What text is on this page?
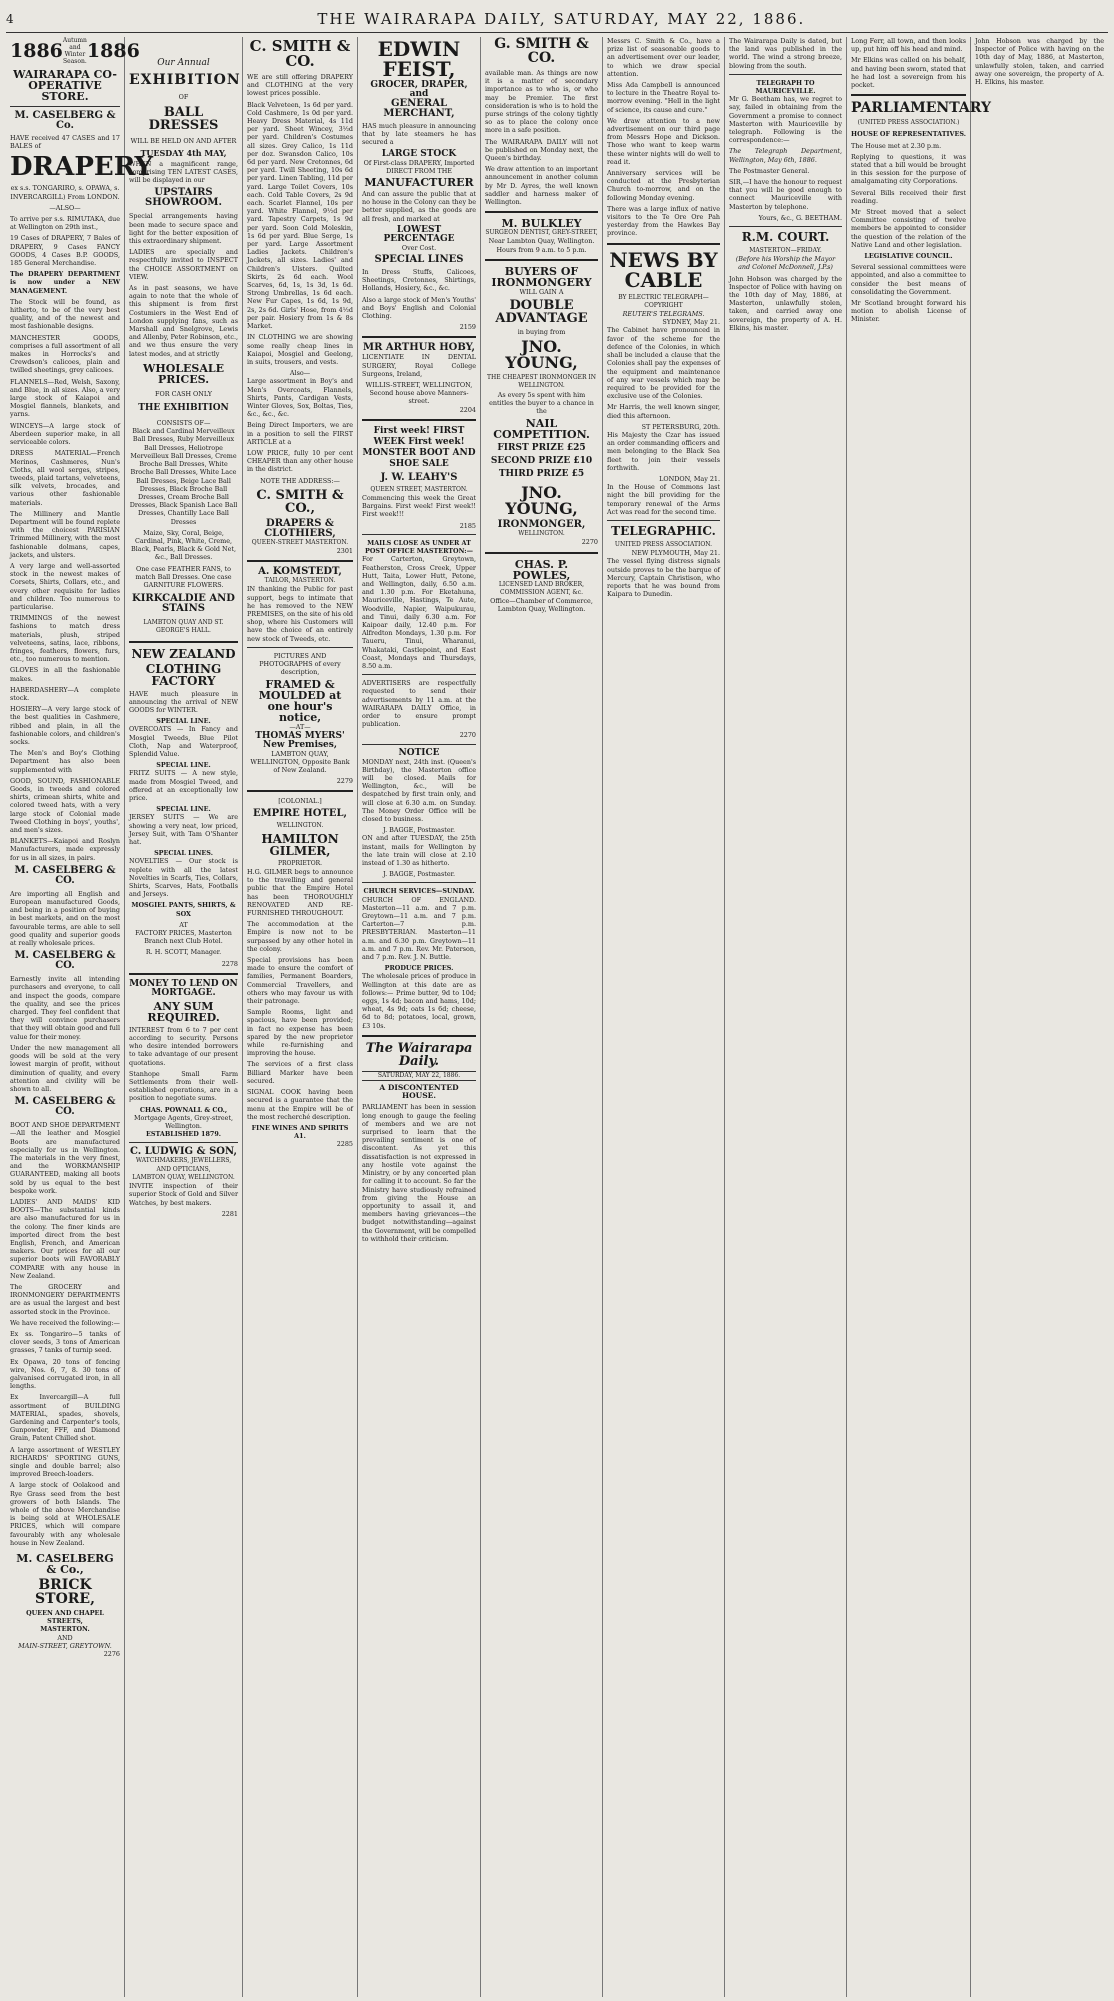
4	THE WAIRARAPA DAILY, SATURDAY, MAY 22, 1886.
1886 Autumn and Winter Season. 1886
WAIRARAPA CO-OPERATIVE STORE.
M. CASELBERG & Co.

HAVE received 47 CASES and 17 BALES of

DRAPERY

ex s.s. TONGARIRO, s. OPAWA, s. INVERCARGILL) From LONDON.

—ALSO—

To arrive per s.s. RIMUTAKA, due at Wellington on 29th inst.,

19 Cases of DRAPERY, 7 Bales of DRAPERY, 9 Cases FANCY GOODS, 4 Cases B.P. GOODS, 185 General Merchandise.

The DRAPERY DEPARTMENT is now under a NEW MANAGEMENT.

The Stock will be found, as hitherto, to be of the very best quality, and of the newest and most fashionable designs.

MANCHESTER GOODS, comprises a full assortment of all makes in Horrocks's and Crewdson's calicoes, plain and twilled sheetings, grey calicoes.

FLANNELS—Red, Welsh, Saxony, and Blue, in all sizes. Also, a very large stock of Kaiapoi and Mosgiel flannels, blankets, and yarns.

WINCEYS—A large stock of Aberdeen superior make, in all serviceable colors.

DRESS MATERIAL—French Merinos, Cashmeres, Nun's Cloths, all wool serges, stripes, tweeds, plaid tartans, velveteens, silk velvets, brocades, and various other fashionable materials.

The Millinery and Mantle Department will be found replete with the choicest PARISIAN Trimmed Millinery, with the most fashionable dolmans, capes, jackets, and ulsters.

A very large and well-assorted stock in the newest makes of Corsets, Shirts, Collars, etc., and every other requisite for ladies and children. Too numerous to particularise.

TRIMMINGS of the newest fashions to match dress materials, plush, striped velveteens, satins, lace, ribbons, fringes, feathers, flowers, furs, etc., too numerous to mention.

GLOVES in all the fashionable makes.

HABERDASHERY—A complete stock.

HOSIERY—A very large stock of the best qualities in Cashmere, ribbed and plain, in all the fashionable colors, and children's socks.

The Men's and Boy's Clothing Department has also been supplemented with

GOOD, SOUND, FASHIONABLE Goods, in tweeds and colored shirts, crimean shirts, white and colored tweed hats, with a very large stock of Colonial made Tweed Clothing in boys', youths', and men's sizes.

BLANKETS—Kaiapoi and Roslyn Manufacturers, made expressly for us in all sizes, in pairs.

M. CASELBERG & CO.

Are importing all English and European manufactured Goods, and being in a position of buying in best markets, and on the most favourable terms, are able to sell good quality and superior goods at really wholesale prices.

M. CASELBERG & CO.

Earnestly invite all intending purchasers and everyone, to call and inspect the goods, compare the quality, and see the prices charged. They feel confident that they will convince purchasers that they will obtain good and full value for their money.

Under the new management all goods will be sold at the very lowest margin of profit, without diminution of quality, and every attention and civility will be shown to all.

M. CASELBERG & CO.

BOOT AND SHOE DEPARTMENT—All the leather and Mosgiel Boots are manufactured especially for us in Wellington. The materials in the very finest, and the WORKMANSHIP GUARANTEED, making all boots sold by us equal to the best bespoke work.

LADIES' AND MAIDS' KID BOOTS—The substantial kinds are also manufactured for us in the colony. The finer kinds are imported direct from the best English, French, and American makers. Our prices for all our superior boots will FAVORABLY COMPARE with any house in New Zealand.

The GROCERY and IRONMONGERY DEPARTMENTS are as usual the largest and best assorted stock in the Province.

We have received the following:—

Ex ss. Tongariro—5 tanks of clover seeds, 3 tons of American grasses, 7 tanks of turnip seed.

Ex Opawa, 20 tons of fencing wire, Nos. 6, 7, 8. 30 tons of galvanised corrugated iron, in all lengths.

Ex Invercargill—A full assortment of BUILDING MATERIAL, spades, shovels, Gardening and Carpenter's tools, Gunpowder, FFF, and Diamond Grain, Patent Chilled shot.

A large assortment of WESTLEY RICHARDS' SPORTING GUNS, single and double barrel; also improved Breech-loaders.

A large stock of Oolakood and Rye Grass seed from the best growers of both Islands. The whole of the above Merchandise is being sold at WHOLESALE PRICES, which will compare favourably with any wholesale house in New Zealand.

M. CASELBERG & Co.,
BRICK STORE,
QUEEN AND CHAPEL STREETS,
MASTERTON.
AND
MAIN-STREET, GREYTOWN.
2276
Our Annual
EXHIBITION
OF
BALL DRESSES
WILL BE HELD ON AND AFTER
TUESDAY 4th MAY,

WHEN a magnificent range, comprising TEN LATEST CASES, will be displayed in our

UPSTAIRS SHOWROOM.

Special arrangements having been made to secure space and light for the better exposition of this extraordinary shipment.

LADIES are specially and respectfully invited to INSPECT the CHOICE ASSORTMENT on VIEW.

As in past seasons, we have again to note that the whole of this shipment is from first Costumiers in the West End of London supplying fans, such as Marshall and Snelgrove, Lewis and Allenby, Peter Robinson, etc., and we thus ensure the very latest modes, and at strictly

WHOLESALE PRICES.
FOR CASH ONLY
THE EXHIBITION
CONSISTS OF—

Black and Cardinal Merveilleux Ball Dresses, Ruby Merveilleux Ball Dresses, Heliotrope Merveilleux Ball Dresses, Creme Broche Ball Dresses, White Broche Ball Dresses, White Lace Ball Dresses, Beige Lace Ball Dresses, Black Broche Ball Dresses, Cream Broche Ball Dresses, Black Spanish Lace Ball Dresses, Chantilly Lace Ball Dresses

Maize, Sky, Coral, Beige, Cardinal, Pink, White, Creme, Black, Pearls, Black & Gold Net, &c., Ball Dresses.

One case FEATHER FANS, to match Ball Dresses. One case GARNITURE FLOWERS.

KIRKCALDIE AND STAINS
LAMBTON QUAY AND ST. GEORGE'S HALL.
NEW ZEALAND
CLOTHING FACTORY

HAVE much pleasure in announcing the arrival of NEW GOODS for WINTER.

SPECIAL LINE.

OVERCOATS — In Fancy and Mosgiel Tweeds, Blue Pilot Cloth, Nap and Waterproof, Splendid Value.

SPECIAL LINE.

FRITZ SUITS — A new style, made from Mosgiel Tweed, and offered at an exceptionally low price.

SPECIAL LINE.

JERSEY SUITS — We are showing a very neat, low priced, Jersey Suit, with Tam O'Shanter hat.

SPECIAL LINES.

NOVELTIES — Our stock is replete with all the latest Novelties in Scarfs, Ties, Collars, Shirts, Scarves, Hats, Footballs and Jerseys.

MOSGIEL PANTS, SHIRTS, & SOX
AT

FACTORY PRICES, Masterton Branch next Club Hotel.

R. H. SCOTT, Manager.

2278
MONEY TO LEND ON MORTGAGE.
ANY SUM REQUIRED.

INTEREST from 6 to 7 per cent according to security. Persons who desire intended borrowers to take advantage of our present quotations.

Stanhope Small Farm Settlements from their well-established operations, are in a position to negotiate sums.

CHAS. POWNALL & CO.,
Mortgage Agents, Grey-street, Wellington.
ESTABLISHED 1879.
C. LUDWIG & SON,
WATCHMAKERS, JEWELLERS, AND OPTICIANS,
LAMBTON QUAY, WELLINGTON.

INVITE inspection of their superior Stock of Gold and Silver Watches, by best makers.

2281
C. SMITH & CO.

WE are still offering DRAPERY and CLOTHING at the very lowest prices possible.

Black Velveteen, 1s 6d per yard. Cold Cashmere, 1s 0d per yard. Heavy Dress Material, 4s 11d per yard. Sheet Wincey, 3½d per yard. Children's Costumes all sizes. Grey Calico, 1s 11d per doz. Swansdon Calico, 10s 6d per yard. New Cretonnes, 6d per yard. Twill Sheeting, 10s 6d per yard. Linen Tabling, 11d per yard. Large Toilet Covers, 10s each. Cold Table Covers, 2s 9d each. Scarlet Flannel, 10s per yard. White Flannel, 9½d per yard. Tapestry Carpets, 1s 9d per yard. Soon Cold Moleskin, 1s 6d per yard. Blue Serge, 1s per yard. Large Assortment Ladies Jackets. Children's Jackets, all sizes. Ladies' and Children's Ulsters. Quilted Skirts, 2s 6d each. Wool Scarves, 6d, 1s, 1s 3d, 1s 6d. Strong Umbrellas, 1s 6d each. New Fur Capes, 1s 6d, 1s 9d, 2s, 2s 6d. Girls' Hose, from 4½d per pair. Hosiery from 1s & 8s Market.

IN CLOTHING we are showing some really cheap lines in Kaiapoi, Mosgiel and Geelong, in suits, trousers, and vests.

Also—

Large assortment in Boy's and Men's Overcoats, Flannels, Shirts, Pants, Cardigan Vests, Winter Gloves, Sox, Boltas, Ties, &c., &c., &c.

Being Direct Importers, we are in a position to sell the FIRST ARTICLE at a

LOW PRICE, fully 10 per cent CHEAPER than any other house in the district.

NOTE THE ADDRESS:—
C. SMITH & CO.,
DRAPERS & CLOTHIERS,
QUEEN-STREET MASTERTON.
2301
A. KOMSTEDT,
TAILOR, MASTERTON.

IN thanking the Public for past support, begs to intimate that he has removed to the NEW PREMISES, on the site of his old shop, where his Customers will have the choice of an entirely new stock of Tweeds, etc.

PICTURES AND PHOTOGRAPHS of every description,

FRAMED & MOULDED at one hour's notice,
—AT—
THOMAS MYERS' New Premises,

LAMBTON QUAY, WELLINGTON, Opposite Bank of New Zealand.

2279
[COLONIAL.]
EMPIRE HOTEL,
WELLINGTON.
HAMILTON GILMER,
PROPRIETOR.

H.G. GILMER begs to announce to the travelling and general public that the Empire Hotel has been THOROUGHLY RENOVATED AND RE-FURNISHED THROUGHOUT.

The accommodation at the Empire is now not to be surpassed by any other hotel in the colony.

Special provisions has been made to ensure the comfort of families, Permanent Boarders, Commercial Travellers, and others who may favour us with their patronage.

Sample Rooms, light and spacious, have been provided; in fact no expense has been spared by the new proprietor while re-furnishing and improving the house.

The services of a first class Billiard Marker have been secured.

SIGNAL COOK having been secured is a guarantee that the menu at the Empire will be of the most recherché description.

FINE WINES AND SPIRITS A1.
2285
EDWIN FEIST,
GROCER, DRAPER, and
GENERAL MERCHANT,

HAS much pleasure in announcing that by late steamers he has secured a

LARGE STOCK
Of First-class DRAPERY, Imported
DIRECT FROM THE
MANUFACTURER

And can assure the public that at no house in the Colony can they be better supplied, as the goods are all fresh, and marked at

LOWEST PERCENTAGE
Over Cost.
SPECIAL LINES

In Dress Stuffs, Calicoes, Sheetings, Cretonnes, Shirtings, Hollands, Hosiery, &c., &c.

Also a large stock of Men's Youths' and Boys' English and Colonial Clothing.

2159
MR ARTHUR HOBY,

LICENTIATE IN DENTAL SURGERY, Royal College Surgeons, Ireland,

WILLIS-STREET, WELLINGTON,
Second house above Manners-street.
2204
First week! FIRST WEEK First week! MONSTER BOOT AND SHOE SALE
J. W. LEAHY'S
QUEEN STREET, MASTERTON.

Commencing this week the Great Bargains. First week! First week!! First week!!!

2185
MAILS CLOSE AS UNDER AT POST OFFICE MASTERTON:—

For Carterton, Greytown, Featherston, Cross Creek, Upper Hutt, Taita, Lower Hutt, Petone, and Wellington, daily, 6.50 a.m. and 1.30 p.m. For Eketahuna, Mauriceville, Hastings, Te Aute, Woodville, Napier, Waipukurau, and Tinui, daily 6.30 a.m. For Kaipoar daily, 12.40 p.m. For Alfredton Mondays, 1.30 p.m. For Taueru, Tinui, Wharanui, Whakataki, Castlepoint, and East Coast, Mondays and Thursdays, 8.50 a.m.

ADVERTISERS are respectfully requested to send their advertisements by 11 a.m. at the WAIRARAPA DAILY Office, in order to ensure prompt publication.

2270
NOTICE

MONDAY next, 24th inst. (Queen's Birthday), the Masterton office will be closed. Mails for Wellington, &c., will be despatched by first train only, and will close at 6.30 a.m. on Sunday. The Money Order Office will be closed to business.

J. BAGGE, Postmaster.

ON and after TUESDAY, the 25th instant, mails for Wellington by the late train will close at 2.10 instead of 1.30 as hitherto.

J. BAGGE, Postmaster.
CHURCH SERVICES—SUNDAY.

CHURCH OF ENGLAND. Masterton—11 a.m. and 7 p.m. Greytown—11 a.m. and 7 p.m. Carterton—7 p.m. PRESBYTERIAN. Masterton—11 a.m. and 6.30 p.m. Greytown—11 a.m. and 7 p.m. Rev. Mr. Paterson, and 7 p.m. Rev. J. N. Buttle.

PRODUCE PRICES.

The wholesale prices of produce in Wellington at this date are as follows:— Prime butter, 9d to 10d; eggs, 1s 4d; bacon and hams, 10d; wheat, 4s 9d; oats 1s 6d; cheese, 6d to 8d; potatoes, local, grown, £3 10s.

The Wairarapa Daily.
SATURDAY, MAY 22, 1886.
A DISCONTENTED HOUSE.

PARLIAMENT has been in session long enough to gauge the feeling of members and we are not surprised to learn that the prevailing sentiment is one of discontent. As yet this dissatisfaction is not expressed in any hostile vote against the Ministry, or by any concerted plan for calling it to account. So far the Ministry have studiously refrained from giving the House an opportunity to assail it, and members having grievances—the budget notwithstanding—against the Government, will be compelled to withhold their criticism.

G. SMITH & CO.

available man. As things are now it is a matter of secondary importance as to who is, or who may be Premier. The first consideration is who is to hold the purse strings of the colony tightly so as to place the colony once more in a safe position.

The WAIRARAPA DAILY will not be published on Monday next, the Queen's birthday.

We draw attention to an important announcement in another column by Mr D. Ayres, the well known saddler and harness maker of Wellington.

M. BULKLEY
SURGEON DENTIST, GREY-STREET,

Near Lambton Quay, Wellington. Hours from 9 a.m. to 5 p.m.

BUYERS OF IRONMONGERY
WILL GAIN A
DOUBLE ADVANTAGE
in buying from
JNO. YOUNG,
THE CHEAPEST IRONMONGER IN WELLINGTON.

As every 5s spent with him entitles the buyer to a chance in the

NAIL COMPETITION.
FIRST PRIZE £25
SECOND PRIZE £10
THIRD PRIZE £5
JNO. YOUNG,
IRONMONGER,
WELLINGTON.
2270
CHAS. P. POWLES,
LICENSED LAND BROKER, COMMISSION AGENT, &c.

Office—Chamber of Commerce, Lambton Quay, Wellington.

Messrs C. Smith & Co., have a prize list of seasonable goods to an advertisement over our leader, to which we draw special attention.

Miss Ada Campbell is announced to lecture in the Theatre Royal to-morrow evening. "Hell in the light of science, its cause and cure."

We draw attention to a new advertisement on our third page from Messrs Hope and Dickson. Those who want to keep warm these winter nights will do well to read it.

Anniversary services will be conducted at the Presbyterian Church to-morrow, and on the following Monday evening.

There was a large influx of native visitors to the Te Ore Ore Pah yesterday from the Hawkes Bay province.

NEWS BY CABLE
BY ELECTRIC TELEGRAPH—COPYRIGHT
REUTER'S TELEGRAMS.
SYDNEY, May 21.

The Cabinet have pronounced in favor of the scheme for the defence of the Colonies, in which shall be included a clause that the Colonies shall pay the expenses of the equipment and maintenance of any war vessels which may be required to be provided for the exclusive use of the Colonies.

Mr Harris, the well known singer, died this afternoon.

ST PETERSBURG, 20th.

His Majesty the Czar has issued an order commanding officers and men belonging to the Black Sea fleet to join their vessels forthwith.

LONDON, May 21.

In the House of Commons last night the bill providing for the temporary renewal of the Arms Act was read for the second time.

TELEGRAPHIC.
UNITED PRESS ASSOCIATION.
NEW PLYMOUTH, May 21.

The vessel flying distress signals outside proves to be the barque of Mercury, Captain Christison, who reports that he was bound from Kaipara to Dunedin.

The Wairarapa Daily is dated, but the land was published in the world. The wind a strong breeze, blowing from the south.

TELEGRAPH TO MAURICEVILLE.

Mr G. Beetham has, we regret to say, failed in obtaining from the Government a promise to connect Masterton with Mauriceville by telegraph. Following is the correspondence:—

The Telegraph Department, Wellington, May 6th, 1886.

The Postmaster General.

SIR,—I have the honour to request that you will be good enough to connect Mauriceville with Masterton by telephone.

Yours, &c., G. BEETHAM.

R.M. COURT.
MASTERTON—FRIDAY.

(Before his Worship the Mayor and Colonel McDonnell, J.P.s)

John Hobson was charged by the Inspector of Police with having on the 10th day of May, 1886, at Masterton, unlawfully stolen, taken, and carried away one sovereign, the property of A. H. Elkins, his master.

Long Ferr, all town, and then looks up, put him off his head and mind.

Mr Elkins was called on his behalf, and having been sworn, stated that he had lost a sovereign from his pocket.

PARLIAMENTARY
(UNITED PRESS ASSOCIATION.)
HOUSE OF REPRESENTATIVES.

The House met at 2.30 p.m.

Replying to questions, it was stated that a bill would be brought in this session for the purpose of amalgamating city Corporations.

Several Bills received their first reading.

Mr Street moved that a select Committee consisting of twelve members be appointed to consider the question of the relation of the Native Land and other legislation.

LEGISLATIVE COUNCIL.

Several sessional committees were appointed, and also a committee to consider the best means of consolidating the Government.

Mr Scotland brought forward his motion to abolish License of Minister.

John Hobson was charged by the Inspector of Police with having on the 10th day of May, 1886, at Masterton, unlawfully stolen, taken, and carried away one sovereign, the property of A. H. Elkins, his master.
